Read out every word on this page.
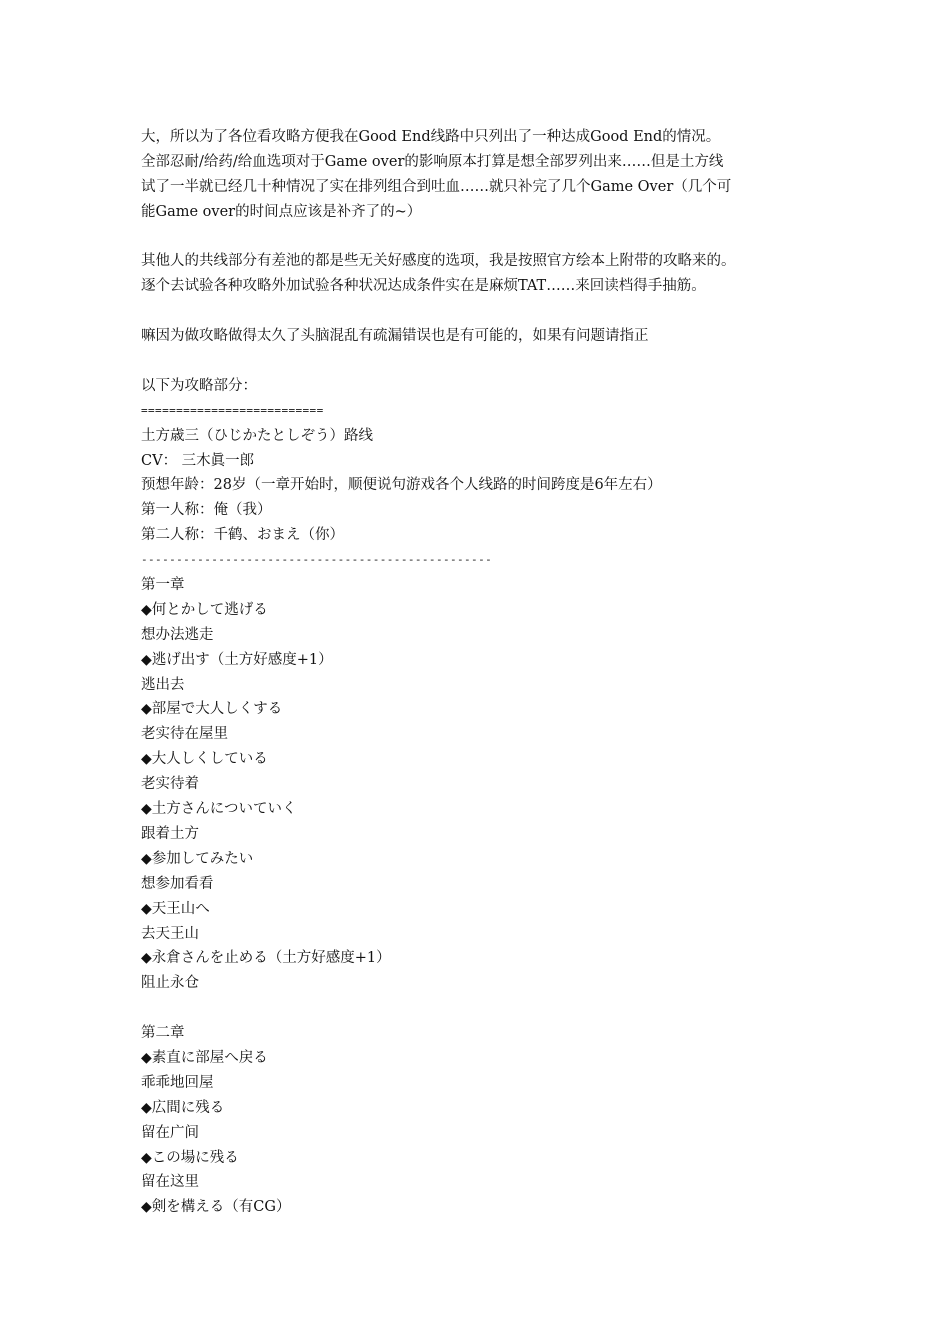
大，所以为了各位看攻略方便我在Good End线路中只列出了一种达成Good End的情况。
全部忍耐/给药/给血选项对于Game over的影响原本打算是想全部罗列出来……但是土方线
试了一半就已经几十种情况了实在排列组合到吐血……就只补完了几个Game Over（几个可
能Game over的时间点应该是补齐了的~）
其他人的共线部分有差池的都是些无关好感度的选项，我是按照官方绘本上附带的攻略来的。
逐个去试验各种攻略外加试验各种状况达成条件实在是麻烦TAT……来回读档得手抽筋。
嘛因为做攻略做得太久了头脑混乱有疏漏错误也是有可能的，如果有问题请指正
以下为攻略部分：
==========================
土方歳三（ひじかたとしぞう）路线
CV： 三木眞一郎
预想年龄：28岁（一章开始时，顺便说句游戏各个人线路的时间跨度是6年左右）
第一人称：俺（我）
第二人称：千鹤、おまえ（你）
--------------------------------------------------
第一章
◆何とかして逃げる
想办法逃走
◆逃げ出す（土方好感度+1）
逃出去
◆部屋で大人しくする
老实待在屋里
◆大人しくしている
老实待着
◆土方さんについていく
跟着土方
◆参加してみたい
想参加看看
◆天王山へ
去天王山
◆永倉さんを止める（土方好感度+1）
阻止永仓
第二章
◆素直に部屋へ戻る
乖乖地回屋
◆広間に残る
留在广间
◆この場に残る
留在这里
◆剣を構える（有CG）
